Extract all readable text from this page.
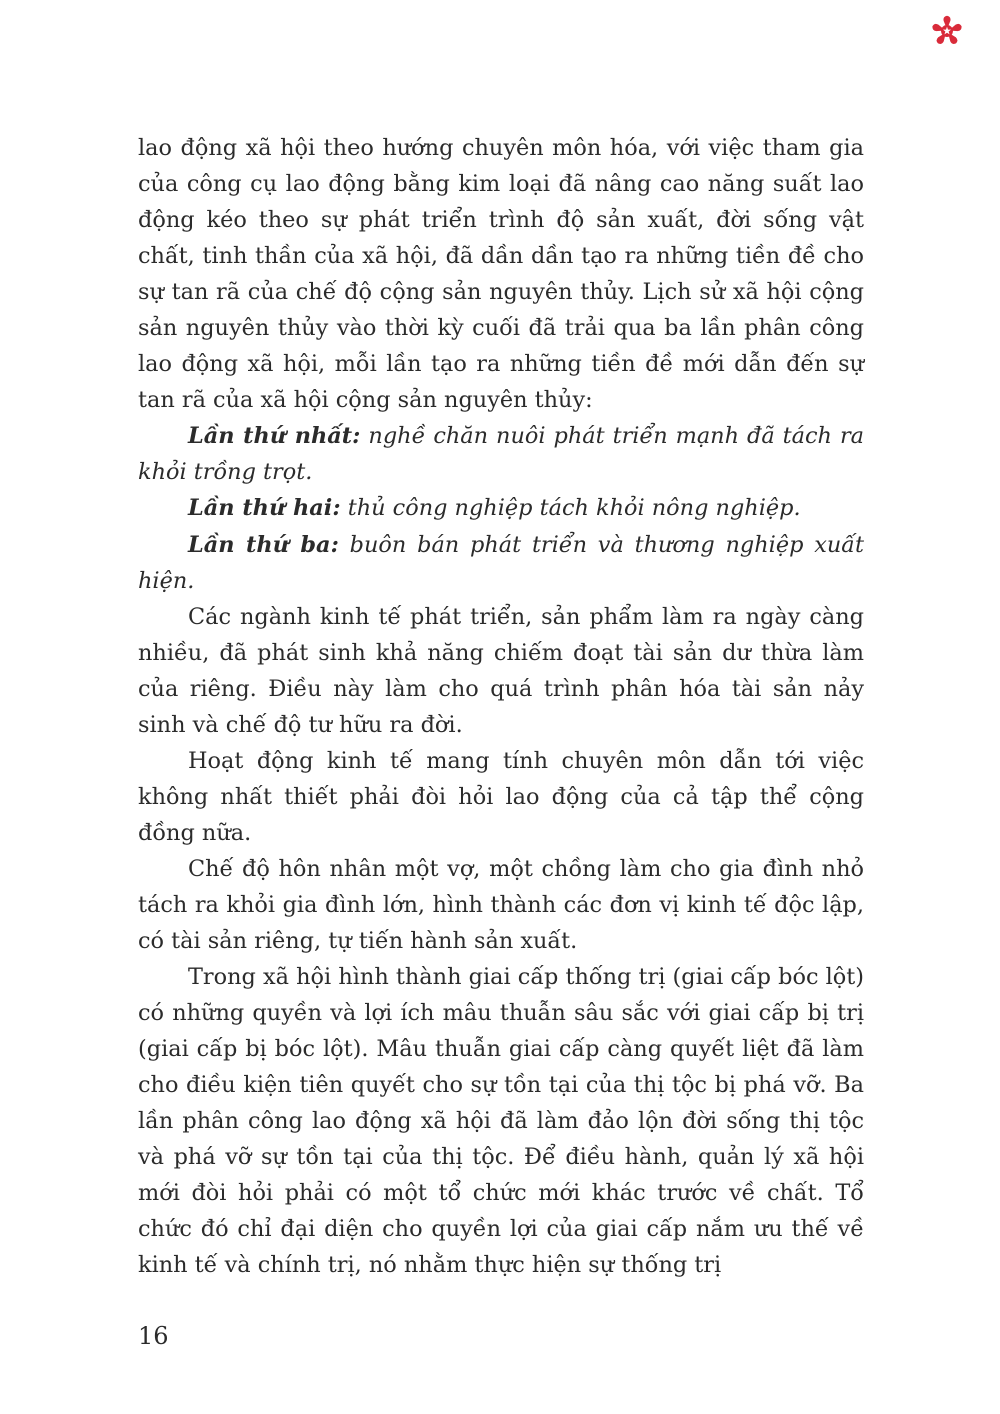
lao động xã hội theo hướng chuyên môn hóa, với việc tham gia của công cụ lao động bằng kim loại đã nâng cao năng suất lao động kéo theo sự phát triển trình độ sản xuất, đời sống vật chất, tinh thần của xã hội, đã dần dần tạo ra những tiền đề cho sự tan rã của chế độ cộng sản nguyên thủy. Lịch sử xã hội cộng sản nguyên thủy vào thời kỳ cuối đã trải qua ba lần phân công lao động xã hội, mỗi lần tạo ra những tiền đề mới dẫn đến sự tan rã của xã hội cộng sản nguyên thủy:

Lần thứ nhất: nghề chăn nuôi phát triển mạnh đã tách ra khỏi trồng trọt.

Lần thứ hai: thủ công nghiệp tách khỏi nông nghiệp.

Lần thứ ba: buôn bán phát triển và thương nghiệp xuất hiện.

Các ngành kinh tế phát triển, sản phẩm làm ra ngày càng nhiều, đã phát sinh khả năng chiếm đoạt tài sản dư thừa làm của riêng. Điều này làm cho quá trình phân hóa tài sản nảy sinh và chế độ tư hữu ra đời.

Hoạt động kinh tế mang tính chuyên môn dẫn tới việc không nhất thiết phải đòi hỏi lao động của cả tập thể cộng đồng nữa.

Chế độ hôn nhân một vợ, một chồng làm cho gia đình nhỏ tách ra khỏi gia đình lớn, hình thành các đơn vị kinh tế độc lập, có tài sản riêng, tự tiến hành sản xuất.

Trong xã hội hình thành giai cấp thống trị (giai cấp bóc lột) có những quyền và lợi ích mâu thuẫn sâu sắc với giai cấp bị trị (giai cấp bị bóc lột). Mâu thuẫn giai cấp càng quyết liệt đã làm cho điều kiện tiên quyết cho sự tồn tại của thị tộc bị phá vỡ. Ba lần phân công lao động xã hội đã làm đảo lộn đời sống thị tộc và phá vỡ sự tồn tại của thị tộc. Để điều hành, quản lý xã hội mới đòi hỏi phải có một tổ chức mới khác trước về chất. Tổ chức đó chỉ đại diện cho quyền lợi của giai cấp nắm ưu thế về kinh tế và chính trị, nó nhằm thực hiện sự thống trị

16
